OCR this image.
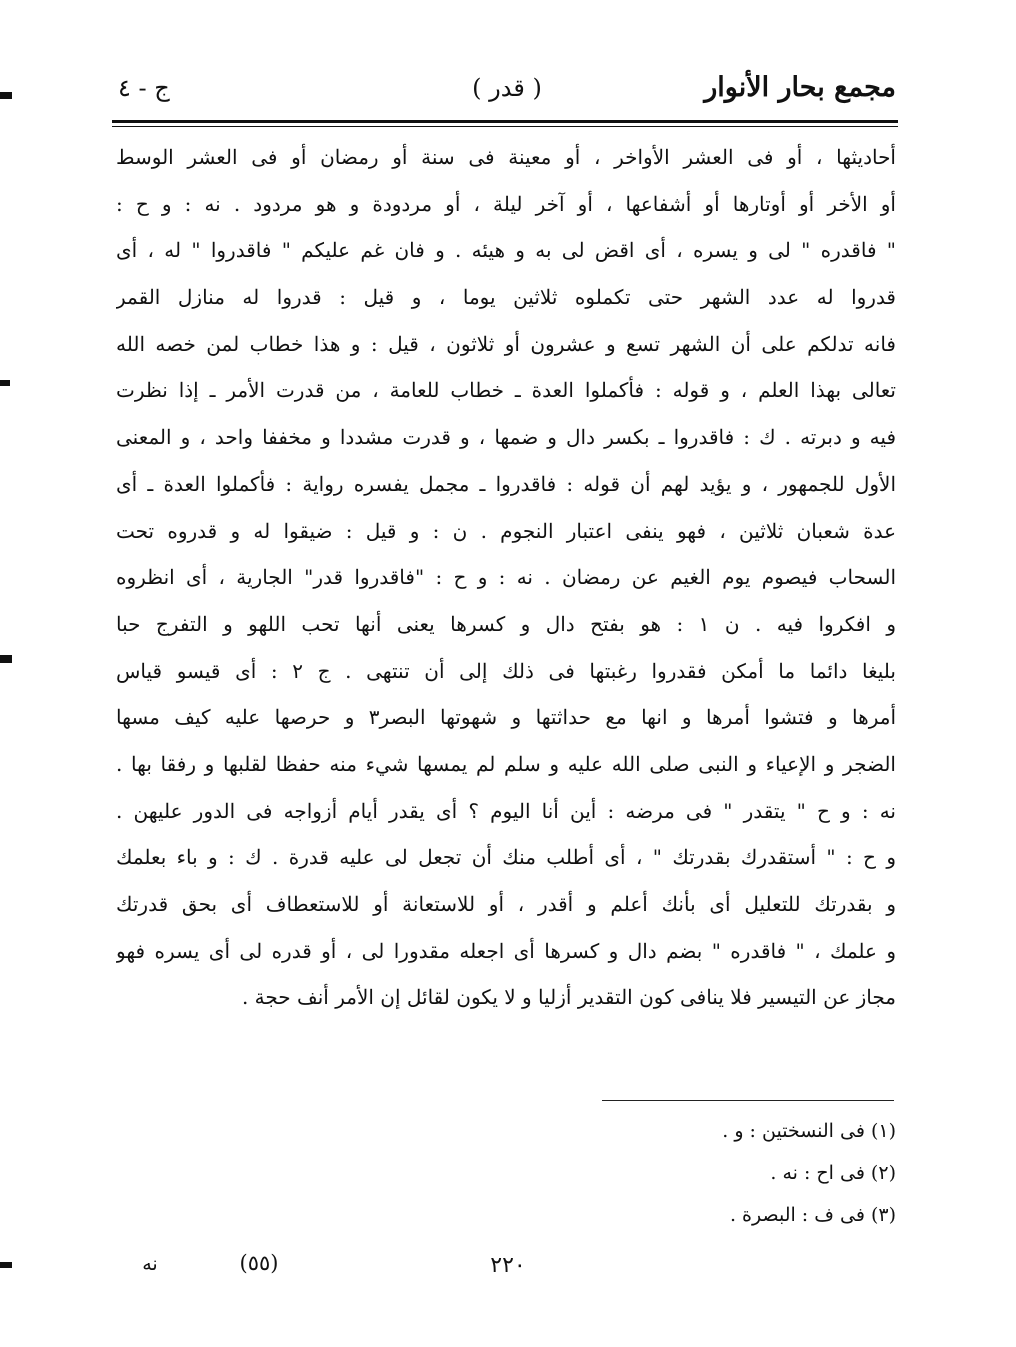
مجمع بحار الأنوار
( قدر )
ج - ٤
أحاديثها ، أو فى العشر الأواخر ، أو معينة فى سنة أو رمضان أو فى العشر الوسط
أو الأخر أو أوتارها أو أشفاعها ، أو آخر ليلة ، أو مردودة و هو مردود . نه : و ح :
" فاقدره " لى و يسره ، أى اقض لى به و هيئه . و فان غم عليكم " فاقدروا " له ، أى
قدروا له عدد الشهر حتى تكملوه ثلاثين يوما ، و قيل : قدروا له منازل القمر
فانه تدلكم على أن الشهر تسع و عشرون أو ثلاثون ، قيل : و هذا خطاب لمن خصه الله
تعالى بهذا العلم ، و قوله : فأكملوا العدة ـ خطاب للعامة ، من قدرت الأمر ـ إذا نظرت
فيه و دبرته . ك : فاقدروا ـ بكسر دال و ضمها ، و قدرت مشددا و مخففا واحد ، و المعنى
الأول للجمهور ، و يؤيد لهم أن قوله : فاقدروا ـ مجمل يفسره رواية : فأكملوا العدة ـ أى
عدة شعبان ثلاثين ، فهو ينفى اعتبار النجوم . ن : و قيل : ضيقوا له و قدروه تحت
السحاب فيصوم يوم الغيم عن رمضان . نه : و ح : "فاقدروا قدر" الجارية ، أى انظروه
و افكروا فيه . ن ١ : هو بفتح دال و كسرها يعنى أنها تحب اللهو و التفرج حبا
بليغا دائما ما أمكن فقدروا رغبتها فى ذلك إلى أن تنتهى . ج ٢ : أى قيسو قياس
أمرها و فتشوا أمرها و انها مع حداثتها و شهوتها البصر٣ و حرصها عليه كيف مسها
الضجر و الإعياء و النبى صلى الله عليه و سلم لم يمسها شيء منه حفظا لقلبها و رفقا بها .
نه : و ح " يتقدر " فى مرضه : أين أنا اليوم ؟ أى يقدر أيام أزواجه فى الدور عليهن .
و ح : " أستقدرك بقدرتك " ، أى أطلب منك أن تجعل لى عليه قدرة . ك : و باء بعلمك
و بقدرتك للتعليل أى بأنك أعلم و أقدر ، أو للاستعانة أو للاستعطاف أى بحق قدرتك
و علمك ، " فاقدره " بضم دال و كسرها أى اجعله مقدورا لى ، أو قدره لى أى يسره فهو
مجاز عن التيسير فلا ينافى كون التقدير أزليا و لا يكون لقائل إن الأمر أنف حجة .
(١) فى النسختين : و .
(٢) فى اح : نه .
(٣) فى ف : البصرة .
٢٢٠
(٥٥)
نه
